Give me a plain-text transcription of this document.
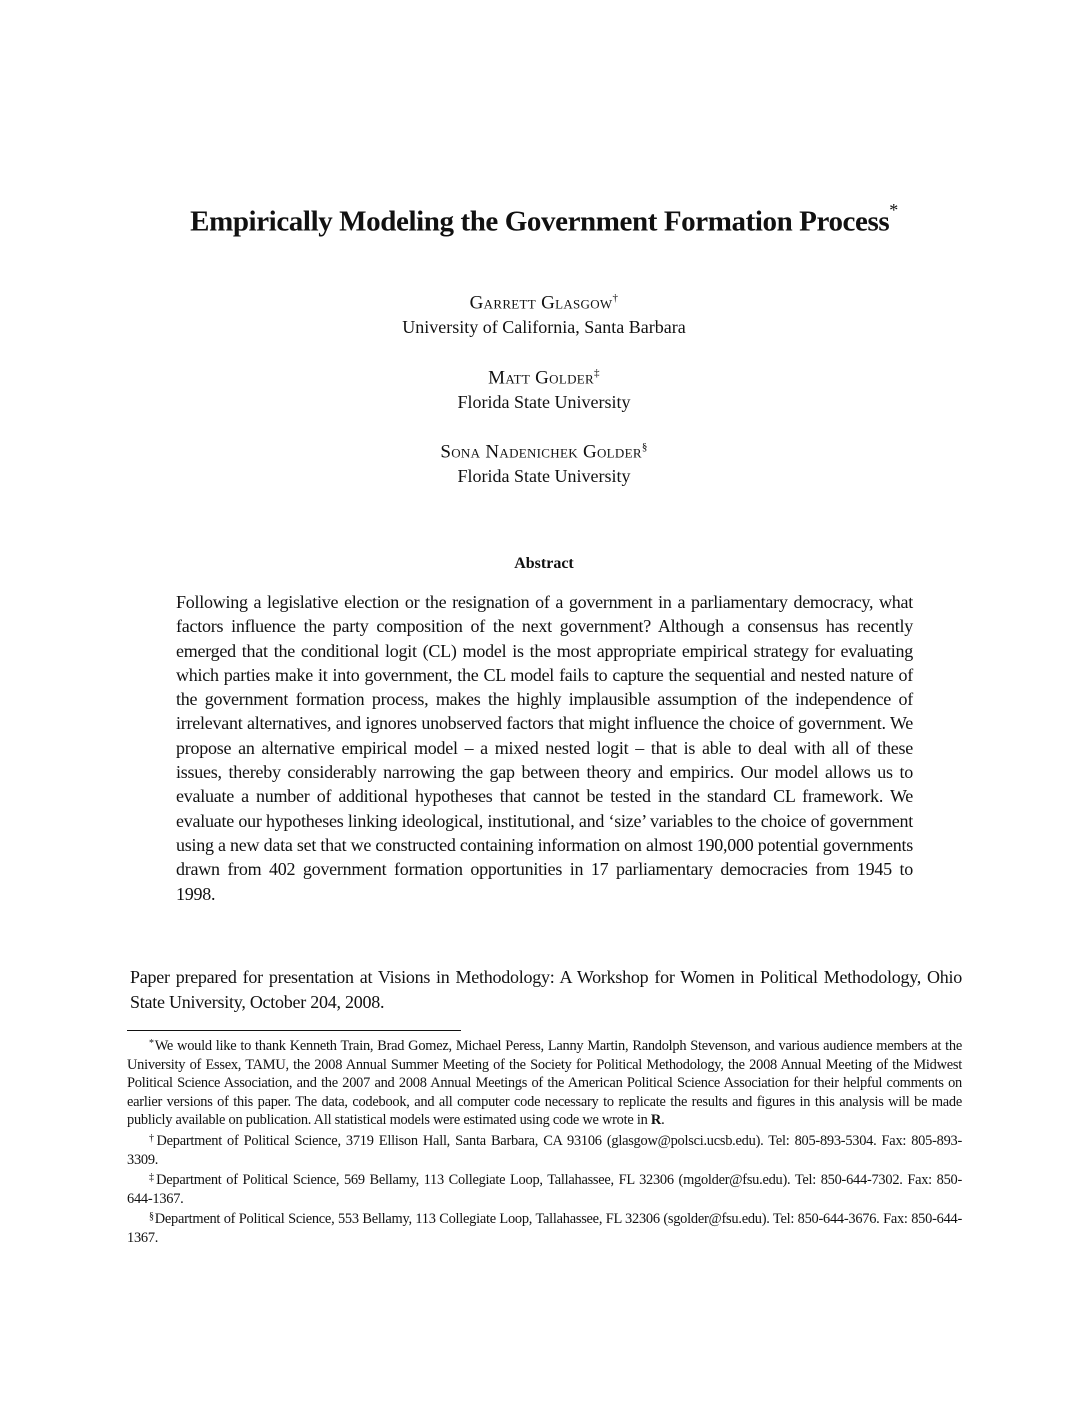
Empirically Modeling the Government Formation Process*
Garrett Glasgow†
University of California, Santa Barbara
Matt Golder‡
Florida State University
Sona Nadenichek Golder§
Florida State University
Abstract
Following a legislative election or the resignation of a government in a parliamentary democracy, what factors influence the party composition of the next government? Although a consensus has recently emerged that the conditional logit (CL) model is the most appropriate empirical strategy for evaluating which parties make it into government, the CL model fails to capture the sequential and nested nature of the government formation process, makes the highly implausible assumption of the independence of irrelevant alternatives, and ignores unobserved factors that might influence the choice of government. We propose an alternative empirical model – a mixed nested logit – that is able to deal with all of these issues, thereby considerably narrowing the gap between theory and empirics. Our model allows us to evaluate a number of additional hypotheses that cannot be tested in the standard CL framework. We evaluate our hypotheses linking ideological, institutional, and ‘size’ variables to the choice of government using a new data set that we constructed containing information on almost 190,000 potential governments drawn from 402 government formation opportunities in 17 parliamentary democracies from 1945 to 1998.
Paper prepared for presentation at Visions in Methodology: A Workshop for Women in Political Methodology, Ohio State University, October 204, 2008.

*We would like to thank Kenneth Train, Brad Gomez, Michael Peress, Lanny Martin, Randolph Stevenson, and various audience members at the University of Essex, TAMU, the 2008 Annual Summer Meeting of the Society for Political Methodology, the 2008 Annual Meeting of the Midwest Political Science Association, and the 2007 and 2008 Annual Meetings of the American Political Science Association for their helpful comments on earlier versions of this paper. The data, codebook, and all computer code necessary to replicate the results and figures in this analysis will be made publicly available on publication. All statistical models were estimated using code we wrote in R.

†Department of Political Science, 3719 Ellison Hall, Santa Barbara, CA 93106 (glasgow@polsci.ucsb.edu). Tel: 805-893-5304. Fax: 805-893-3309.

‡Department of Political Science, 569 Bellamy, 113 Collegiate Loop, Tallahassee, FL 32306 (mgolder@fsu.edu). Tel: 850-644-7302. Fax: 850-644-1367.

§Department of Political Science, 553 Bellamy, 113 Collegiate Loop, Tallahassee, FL 32306 (sgolder@fsu.edu). Tel: 850-644-3676. Fax: 850-644-1367.
